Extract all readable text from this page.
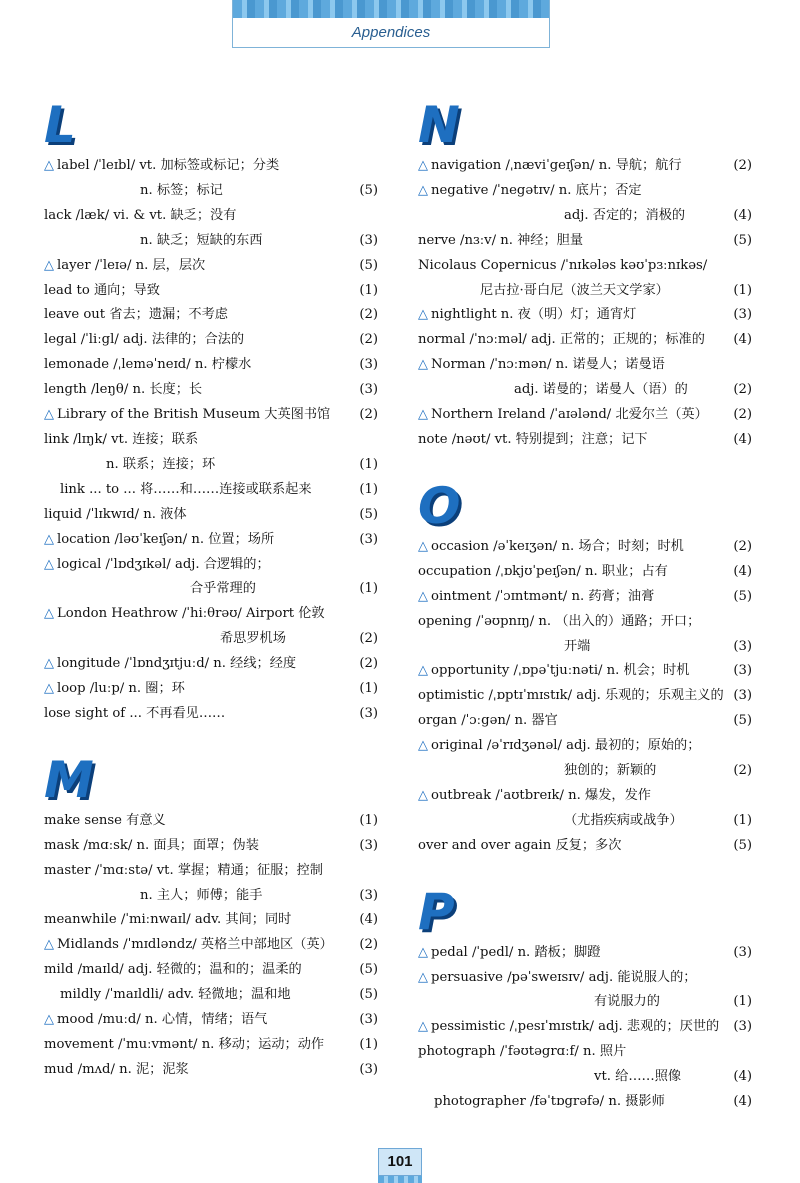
Appendices
L
△ label /ˈleɪbl/ vt. 加标签或标记；分类
n. 标签；标记	(5)
lack /læk/ vi. & vt. 缺乏；没有
n. 缺乏；短缺的东西	(3)
△ layer /ˈleɪə/ n. 层，层次	(5)
lead to 通向；导致	(1)
leave out 省去；遗漏；不考虑	(2)
legal /ˈliːgl/ adj. 法律的；合法的	(2)
lemonade /ˌleməˈneɪd/ n. 柠檬水	(3)
length /leŋθ/ n. 长度；长	(3)
△ Library of the British Museum 大英图书馆 (2)
link /lɪŋk/ vt. 连接；联系
n. 联系；连接；环	(1)
link ... to ... 将……和……连接或联系起来	(1)
liquid /ˈlɪkwɪd/ n. 液体	(5)
△ location /ləʊˈkeɪʃən/ n. 位置；场所	(3)
△ logical /ˈlɒdʒɪkəl/ adj. 合逻辑的；
合乎常理的	(1)
△ London Heathrow /ˈhiːθrəʊ/ Airport 伦敦
希思罗机场	(2)
△ longitude /ˈlɒndʒɪtjuːd/ n. 经线；经度	(2)
△ loop /luːp/ n. 圈；环	(1)
lose sight of ... 不再看见……	(3)
M
make sense 有意义	(1)
mask /mɑːsk/ n. 面具；面罩；伪装	(3)
master /ˈmɑːstə/ vt. 掌握；精通；征服；控制
n. 主人；师傅；能手	(3)
meanwhile /ˈmiːnwaɪl/ adv. 其间；同时	(4)
△ Midlands /ˈmɪdləndz/ 英格兰中部地区（英） (2)
mild /maɪld/ adj. 轻微的；温和的；温柔的	(5)
mildly /ˈmaɪldli/ adv. 轻微地；温和地	(5)
△ mood /muːd/ n. 心情，情绪；语气	(3)
movement /ˈmuːvmənt/ n. 移动；运动；动作	(1)
mud /mʌd/ n. 泥；泥浆	(3)
N
△ navigation /ˌnæviˈgeɪʃən/ n. 导航；航行	(2)
△ negative /ˈnegətɪv/ n. 底片；否定
adj. 否定的；消极的	(4)
nerve /nɜːv/ n. 神经；胆量	(5)
Nicolaus Copernicus /ˈnɪkələs kəʊˈpɜːnɪkəs/
尼古拉·哥白尼（波兰天文学家）	(1)
△ nightlight n. 夜（明）灯；通宵灯	(3)
normal /ˈnɔːməl/ adj. 正常的；正规的；标准的 (4)
△ Norman /ˈnɔːmən/ n. 诺曼人；诺曼语
adj. 诺曼的；诺曼人（语）的	(2)
△ Northern Ireland /ˈaɪələnd/ 北爱尔兰（英） (2)
note /nəʊt/ vt. 特别提到；注意；记下	(4)
O
△ occasion /əˈkeɪʒən/ n. 场合；时刻；时机	(2)
occupation /ˌɒkjʊˈpeɪʃən/ n. 职业；占有	(4)
△ ointment /ˈɔɪntmənt/ n. 药膏；油膏	(5)
opening /ˈəʊpnɪŋ/ n. （出入的）通路；开口；
开端	(3)
△ opportunity /ˌɒpəˈtjuːnəti/ n. 机会；时机	(3)
optimistic /ˌɒptɪˈmɪstɪk/ adj. 乐观的；乐观主义的 (3)
organ /ˈɔːgən/ n. 器官	(5)
△ original /əˈrɪdʒənəl/ adj. 最初的；原始的；
独创的；新颖的	(2)
△ outbreak /ˈaʊtbreɪk/ n. 爆发，发作
（尤指疾病或战争）	(1)
over and over again 反复；多次	(5)
P
△ pedal /ˈpedl/ n. 踏板；脚蹬	(3)
△ persuasive /pəˈsweɪsɪv/ adj. 能说服人的；
有说服力的	(1)
△ pessimistic /ˌpesɪˈmɪstɪk/ adj. 悲观的；厌世的 (3)
photograph /ˈfəʊtəgrɑːf/ n. 照片
vt. 给……照像	(4)
photographer /fəˈtɒgrəfə/ n. 摄影师	(4)
101
